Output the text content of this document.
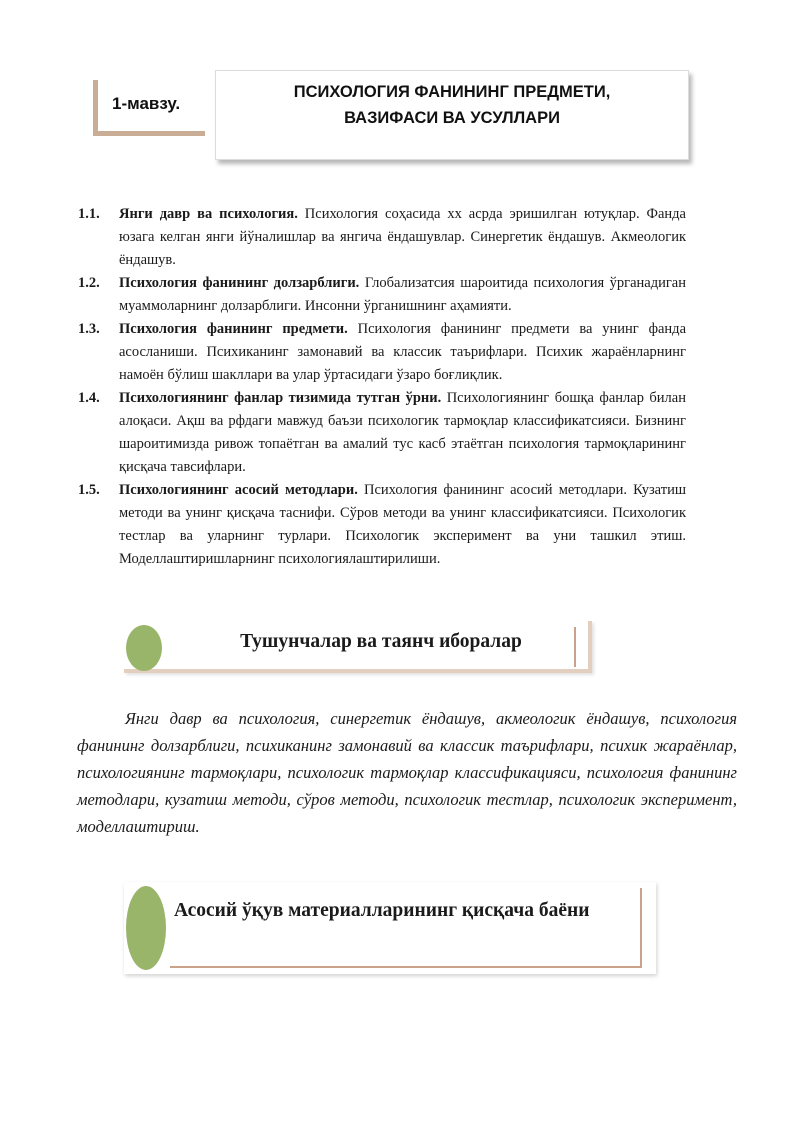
1-мавзу.
ПСИХОЛОГИЯ ФАНИНИНГ ПРЕДМЕТИ,
ВАЗИФАСИ ВА УСУЛЛАРИ
1.1. Янги давр ва психология. Психология соҳасида хх асрда эришилган ютуқлар. Фанда юзага келган янги йўналишлар ва янгича ёндашувлар. Синергетик ёндашув. Акмеологик ёндашув.
1.2. Психология фанининг долзарблиги. Глобализатсия шароитида психология ўрганадиган муаммоларнинг долзарблиги. Инсонни ўрганишнинг аҳамияти.
1.3. Психология фанининг предмети. Психология фанининг предмети ва унинг фанда асосланиши. Психиканинг замонавий ва классик таърифлари. Психик жараёнларнинг намоён бўлиш шакллари ва улар ўртасидаги ўзаро боғлиқлик.
1.4. Психологиянинг фанлар тизимида тутган ўрни. Психологиянинг бошқа фанлар билан алоқаси. Ақш ва рфдаги мавжуд баъзи психологик тармоқлар классификатсияси. Бизнинг шароитимизда ривож топаётган ва амалий тус касб этаётган психология тармоқларининг қисқача тавсифлари.
1.5. Психологиянинг асосий методлари. Психология фанининг асосий методлари. Кузатиш методи ва унинг қисқача таснифи. Сўров методи ва унинг классификатсияси. Психологик тестлар ва уларнинг турлари. Психологик эксперимент ва уни ташкил этиш. Моделлаштиришларнинг психологиялаштирилиши.
Тушунчалар ва таянч иборалар
Янги давр ва психология, синергетик ёндашув, акмеологик ёндашув, психология фанининг долзарблиги, психиканинг замонавий ва классик таърифлари, психик жараёнлар, психологиянинг тармоқлари, психологик тармоқлар классификацияси, психология фанининг методлари, кузатиш методи, сўров методи, психологик тестлар, психологик эксперимент, моделлаштириш.
Асосий ўқув материалларининг қисқача баёни
